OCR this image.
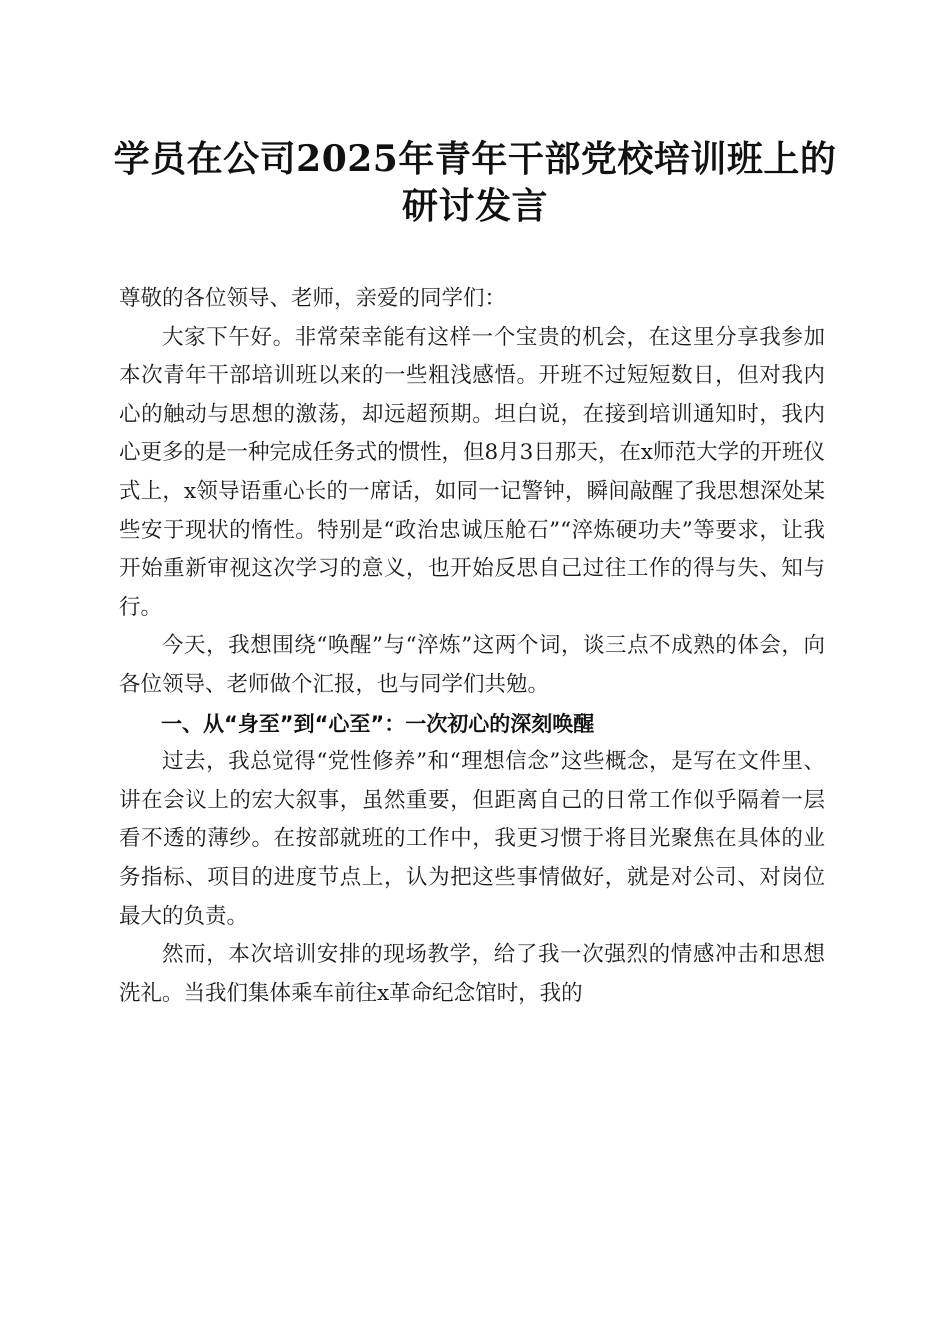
学员在公司2025年青年干部党校培训班上的
研讨发言

尊敬的各位领导、老师，亲爱的同学们：

大家下午好。非常荣幸能有这样一个宝贵的机会，在这里分享我参加本次青年干部培训班以来的一些粗浅感悟。开班不过短短数日，但对我内心的触动与思想的激荡，却远超预期。坦白说，在接到培训通知时，我内心更多的是一种完成任务式的惯性，但8月3日那天，在x师范大学的开班仪式上，x领导语重心长的一席话，如同一记警钟，瞬间敲醒了我思想深处某些安于现状的惰性。特别是“政治忠诚压舱石”“淬炼硬功夫”等要求，让我开始重新审视这次学习的意义，也开始反思自己过往工作的得与失、知与行。

今天，我想围绕“唤醒”与“淬炼”这两个词，谈三点不成熟的体会，向各位领导、老师做个汇报，也与同学们共勉。

一、从“身至”到“心至”：一次初心的深刻唤醒

过去，我总觉得“党性修养”和“理想信念”这些概念，是写在文件里、讲在会议上的宏大叙事，虽然重要，但距离自己的日常工作似乎隔着一层看不透的薄纱。在按部就班的工作中，我更习惯于将目光聚焦在具体的业务指标、项目的进度节点上，认为把这些事情做好，就是对公司、对岗位最大的负责。

然而，本次培训安排的现场教学，给了我一次强烈的情感冲击和思想洗礼。当我们集体乘车前往x革命纪念馆时，我的
